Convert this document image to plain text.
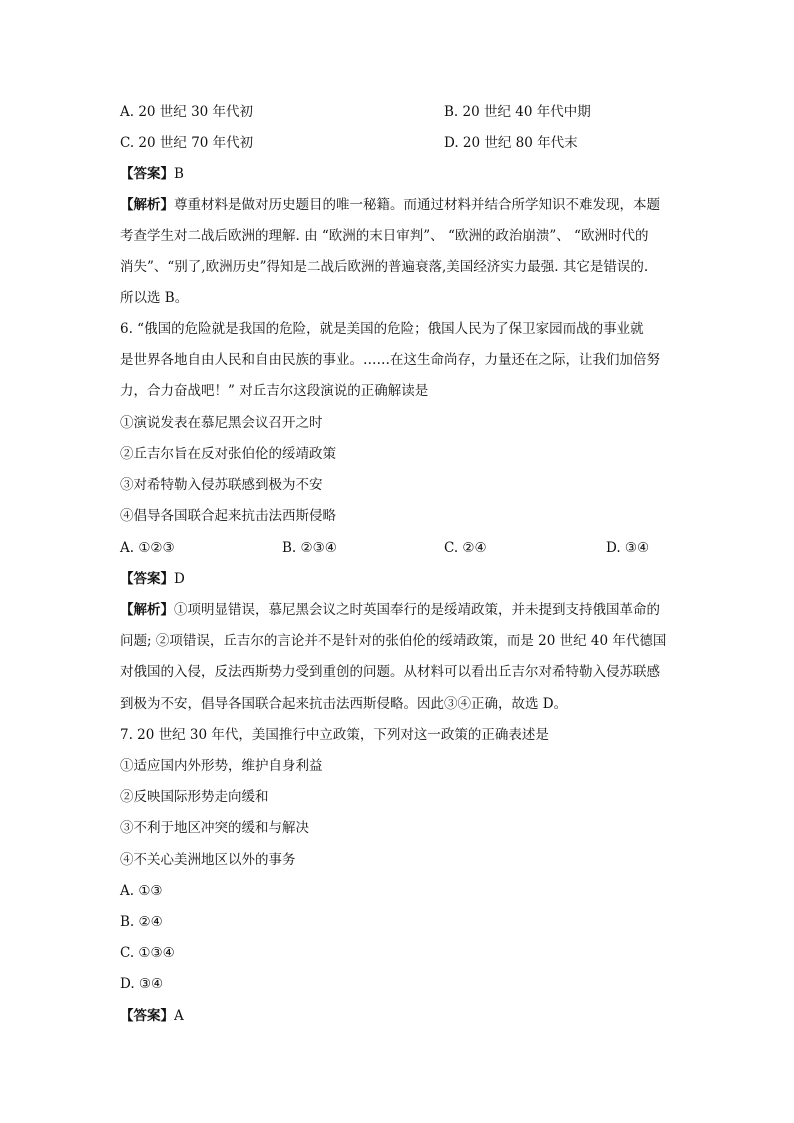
A. 20 世纪 30 年代初	B. 20 世纪 40 年代中期
C. 20 世纪 70 年代初	D. 20 世纪 80 年代末
【答案】B
【解析】尊重材料是做对历史题目的唯一秘籍。而通过材料并结合所学知识不难发现，本题
考查学生对二战后欧洲的理解. 由 “欧洲的末日审判”、 “欧洲的政治崩溃”、 “欧洲时代的
消失”、“别了,欧洲历史”得知是二战后欧洲的普遍衰落,美国经济实力最强. 其它是错误的.
所以选 B。
6. “俄国的危险就是我国的危险，就是美国的危险；俄国人民为了保卫家园而战的事业就
是世界各地自由人民和自由民族的事业。……在这生命尚存，力量还在之际，让我们加倍努
力，合力奋战吧！” 对丘吉尔这段演说的正确解读是
①演说发表在慕尼黑会议召开之时
②丘吉尔旨在反对张伯伦的绥靖政策
③对希特勒入侵苏联感到极为不安
④倡导各国联合起来抗击法西斯侵略
A. ①②③	B. ②③④	C. ②④	D. ③④
【答案】D
【解析】①项明显错误，慕尼黑会议之时英国奉行的是绥靖政策，并未提到支持俄国革命的
问题; ②项错误，丘吉尔的言论并不是针对的张伯伦的绥靖政策，而是 20 世纪 40 年代德国
对俄国的入侵，反法西斯势力受到重创的问题。从材料可以看出丘吉尔对希特勒入侵苏联感
到极为不安，倡导各国联合起来抗击法西斯侵略。因此③④正确，故选 D。
7. 20 世纪 30 年代，美国推行中立政策，下列对这一政策的正确表述是
①适应国内外形势，维护自身利益
②反映国际形势走向缓和
③不利于地区冲突的缓和与解决
④不关心美洲地区以外的事务
A. ①③
B. ②④
C. ①③④
D. ③④
【答案】A
